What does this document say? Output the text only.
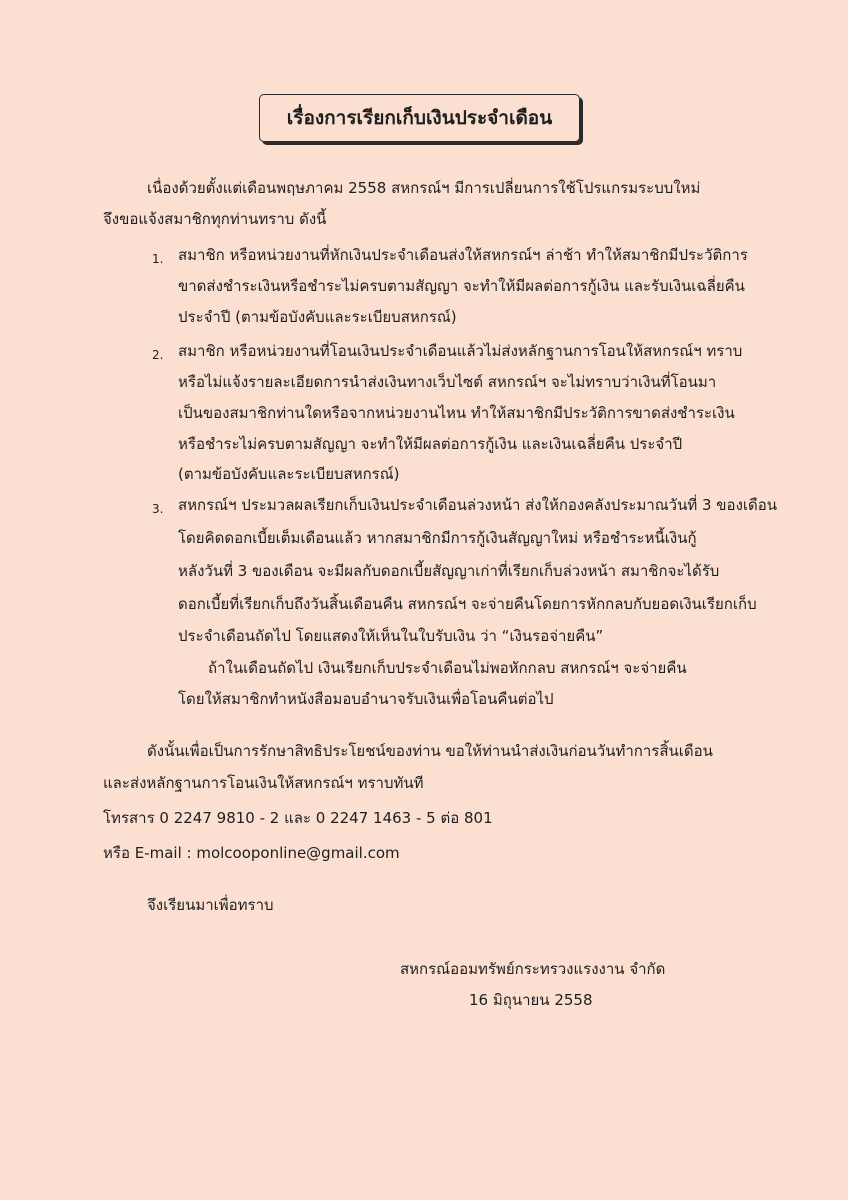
เรื่องการเรียกเก็บเงินประจำเดือน
เนื่องด้วยตั้งแต่เดือนพฤษภาคม 2558 สหกรณ์ฯ มีการเปลี่ยนการใช้โปรแกรมระบบใหม่
จึงขอแจ้งสมาชิกทุกท่านทราบ ดังนี้
1. สมาชิก หรือหน่วยงานที่หักเงินประจำเดือนส่งให้สหกรณ์ฯ ล่าช้า ทำให้สมาชิกมีประวัติการ
ขาดส่งชำระเงินหรือชำระไม่ครบตามสัญญา จะทำให้มีผลต่อการกู้เงิน และรับเงินเฉลี่ยคืน
ประจำปี (ตามข้อบังคับและระเบียบสหกรณ์)
2. สมาชิก หรือหน่วยงานที่โอนเงินประจำเดือนแล้วไม่ส่งหลักฐานการโอนให้สหกรณ์ฯ ทราบ
หรือไม่แจ้งรายละเอียดการนำส่งเงินทางเว็บไซต์ สหกรณ์ฯ จะไม่ทราบว่าเงินที่โอนมา
เป็นของสมาชิกท่านใดหรือจากหน่วยงานไหน ทำให้สมาชิกมีประวัติการขาดส่งชำระเงิน
หรือชำระไม่ครบตามสัญญา จะทำให้มีผลต่อการกู้เงิน และเงินเฉลี่ยคืน ประจำปี
(ตามข้อบังคับและระเบียบสหกรณ์)
3. สหกรณ์ฯ ประมวลผลเรียกเก็บเงินประจำเดือนล่วงหน้า ส่งให้กองคลังประมาณวันที่ 3 ของเดือน
โดยคิดดอกเบี้ยเต็มเดือนแล้ว หากสมาชิกมีการกู้เงินสัญญาใหม่ หรือชำระหนี้เงินกู้
หลังวันที่ 3 ของเดือน จะมีผลกับดอกเบี้ยสัญญาเก่าที่เรียกเก็บล่วงหน้า สมาชิกจะได้รับ
ดอกเบี้ยที่เรียกเก็บถึงวันสิ้นเดือนคืน สหกรณ์ฯ จะจ่ายคืนโดยการหักกลบกับยอดเงินเรียกเก็บ
ประจำเดือนถัดไป โดยแสดงให้เห็นในใบรับเงิน ว่า “เงินรอจ่ายคืน”
ถ้าในเดือนถัดไป เงินเรียกเก็บประจำเดือนไม่พอหักกลบ สหกรณ์ฯ จะจ่ายคืน
โดยให้สมาชิกทำหนังสือมอบอำนาจรับเงินเพื่อโอนคืนต่อไป
ดังนั้นเพื่อเป็นการรักษาสิทธิประโยชน์ของท่าน ขอให้ท่านนำส่งเงินก่อนวันทำการสิ้นเดือน
และส่งหลักฐานการโอนเงินให้สหกรณ์ฯ ทราบทันที
โทรสาร 0 2247 9810 - 2 และ 0 2247 1463 - 5 ต่อ 801
หรือ E-mail : molcooponline@gmail.com
จึงเรียนมาเพื่อทราบ
สหกรณ์ออมทรัพย์กระทรวงแรงงาน จำกัด
16 มิถุนายน 2558
